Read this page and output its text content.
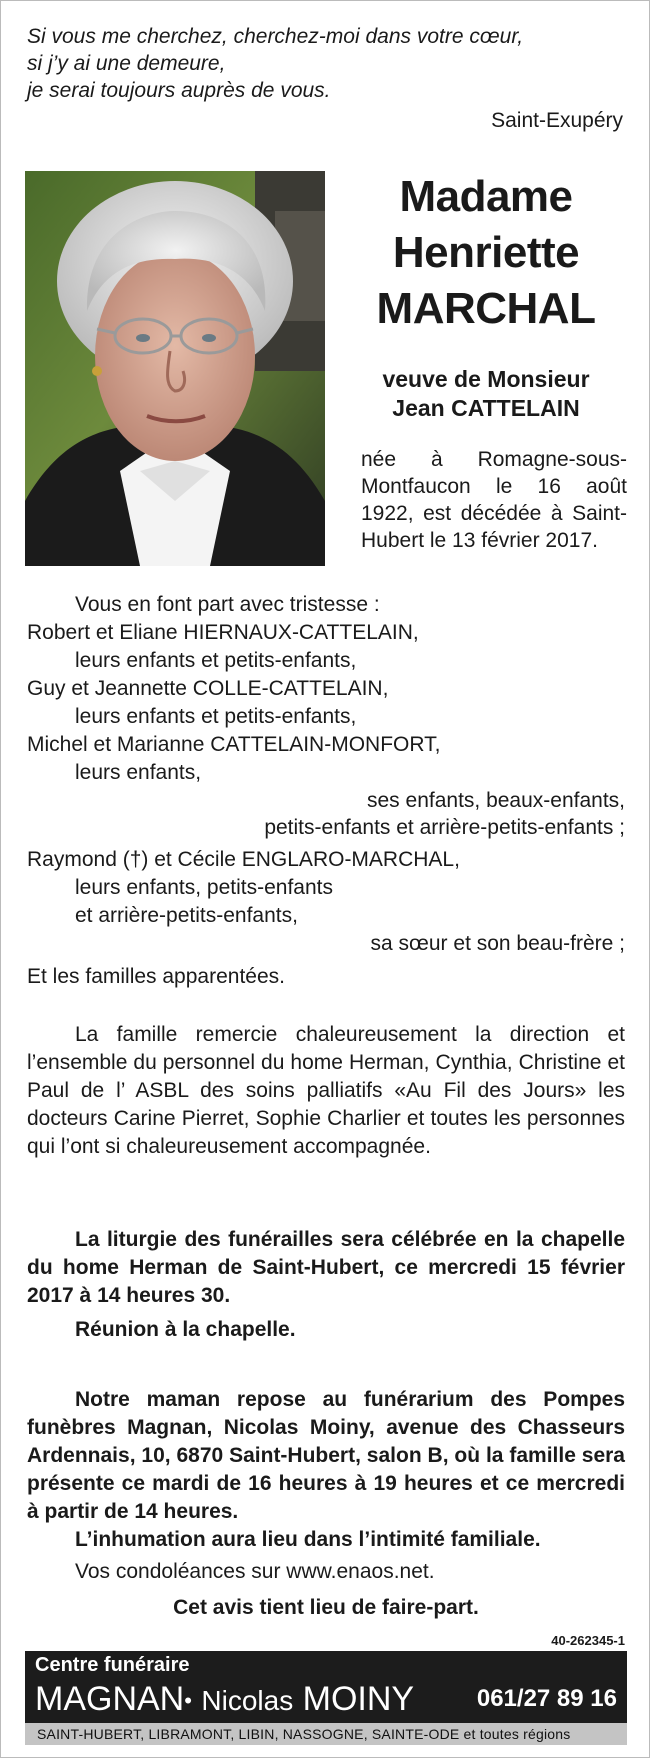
Si vous me cherchez, cherchez-moi dans votre cœur,
si j’y ai une demeure,
je serai toujours auprès de vous.
Saint-Exupéry
Madame
Henriette
MARCHAL
veuve de Monsieur
Jean CATTELAIN
née à Romagne-sous-Montfaucon le 16 août 1922, est décédée à Saint-Hubert le 13 février 2017.
Vous en font part avec tristesse :
Robert et Eliane HIERNAUX-CATTELAIN,
leurs enfants et petits-enfants,
Guy et Jeannette COLLE-CATTELAIN,
leurs enfants et petits-enfants,
Michel et Marianne CATTELAIN-MONFORT,
leurs enfants,
ses enfants, beaux-enfants,
petits-enfants et arrière-petits-enfants ;
Raymond (†) et Cécile ENGLARO-MARCHAL,
leurs enfants, petits-enfants
et arrière-petits-enfants,
sa sœur et son beau-frère ;
Et les familles apparentées.
La famille remercie chaleureusement la direction et l’ensemble du personnel du home Herman, Cynthia, Christine et Paul de l’ ASBL des soins palliatifs «Au Fil des Jours» les docteurs Carine Pierret, Sophie Charlier et toutes les personnes qui l’ont si chaleureusement accompagnée.
La liturgie des funérailles sera célébrée en la chapelle du home Herman de Saint-Hubert, ce mercredi 15 février 2017 à 14 heures 30.
Réunion à la chapelle.
Notre maman repose au funérarium des Pompes funèbres Magnan, Nicolas Moiny, avenue des Chasseurs Ardennais, 10, 6870 Saint-Hubert, salon B, où la famille sera présente ce mardi de 16 heures à 19 heures et ce mercredi à partir de 14 heures.
L’inhumation aura lieu dans l’intimité familiale.
Vos condoléances sur www.enaos.net.
Cet avis tient lieu de faire-part.
40-262345-1
Centre funéraire
MAGNAN• Nicolas MOINY	061/27 89 16
SAINT-HUBERT, LIBRAMONT, LIBIN, NASSOGNE, SAINTE-ODE et toutes régions
